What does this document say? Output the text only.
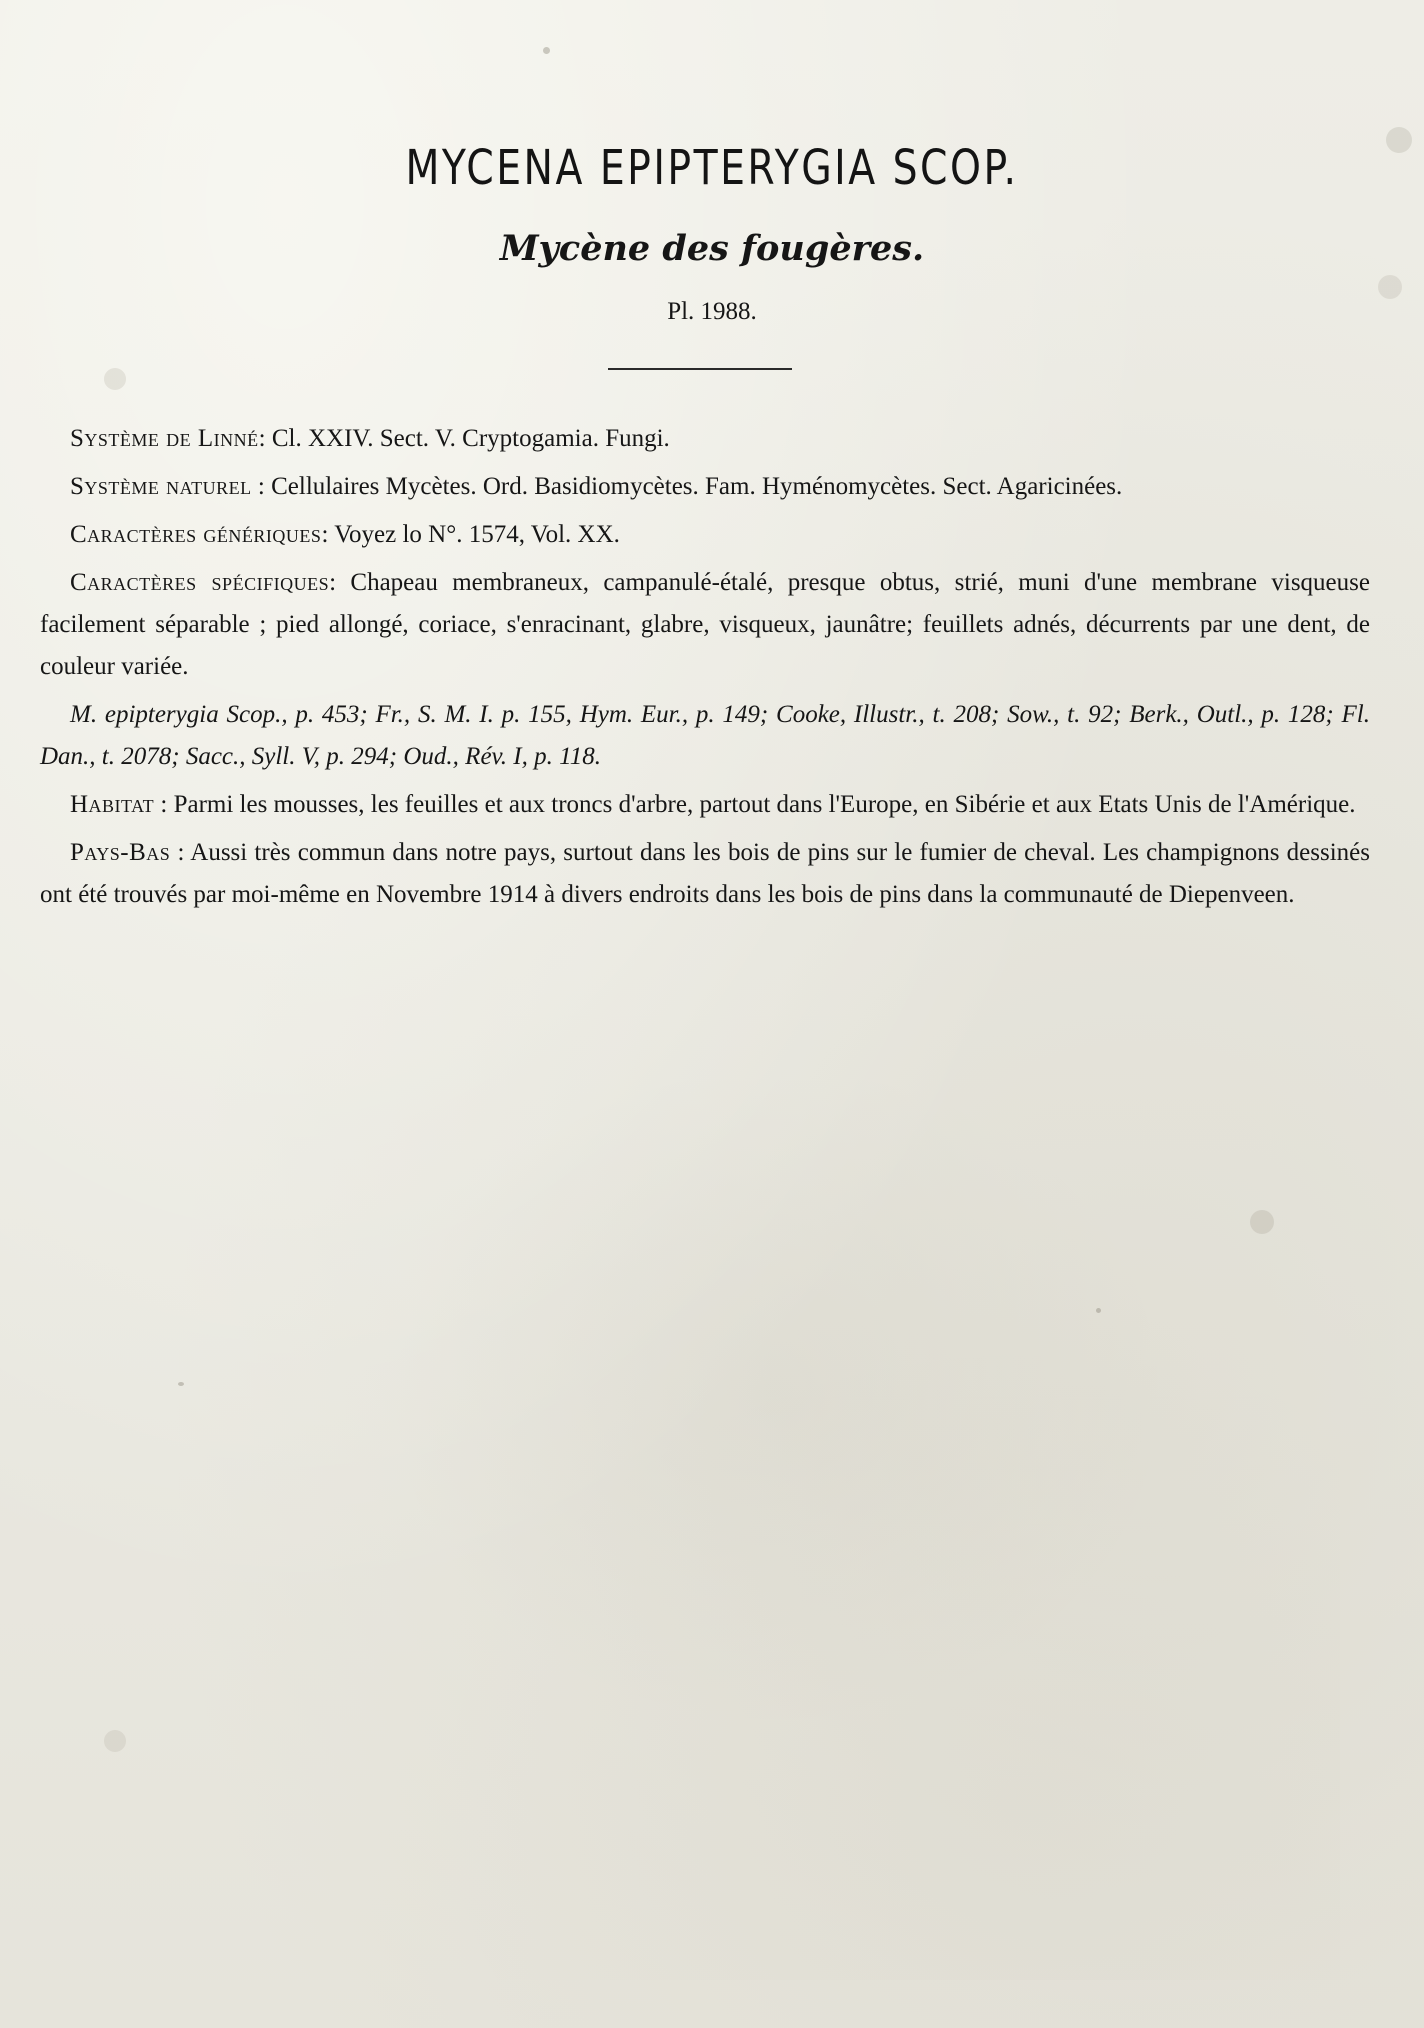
MYCENA EPIPTERYGIA SCOP.
Mycène des fougères.
Pl. 1988.

Système de Linné: Cl. XXIV. Sect. V. Cryptogamia. Fungi.

Système naturel : Cellulaires Mycètes. Ord. Basidiomycètes. Fam. Hyménomycètes. Sect. Agaricinées.

Caractères génériques: Voyez lo N°. 1574, Vol. XX.

Caractères spécifiques: Chapeau membraneux, campanulé-étalé, presque obtus, strié, muni d'une membrane visqueuse facilement séparable ; pied allongé, coriace, s'enracinant, glabre, visqueux, jaunâtre; feuillets adnés, décurrents par une dent, de couleur variée.

M. epipterygia Scop., p. 453; Fr., S. M. I. p. 155, Hym. Eur., p. 149; Cooke, Illustr., t. 208; Sow., t. 92; Berk., Outl., p. 128; Fl. Dan., t. 2078; Sacc., Syll. V, p. 294; Oud., Rév. I, p. 118.

Habitat : Parmi les mousses, les feuilles et aux troncs d'arbre, partout dans l'Europe, en Sibérie et aux Etats Unis de l'Amérique.

Pays-Bas : Aussi très commun dans notre pays, surtout dans les bois de pins sur le fumier de cheval. Les champignons dessinés ont été trouvés par moi-même en Novembre 1914 à divers endroits dans les bois de pins dans la communauté de Diepenveen.
